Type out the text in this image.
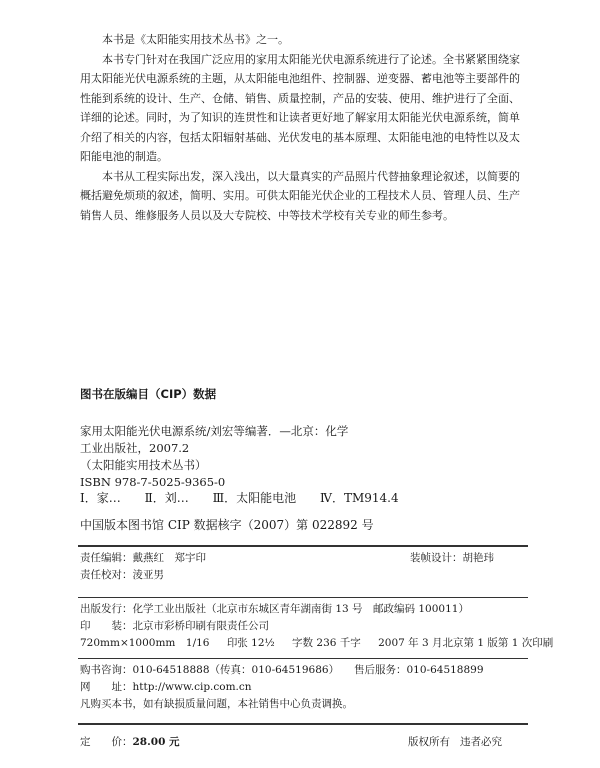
本书是《太阳能实用技术丛书》之一。

本书专门针对在我国广泛应用的家用太阳能光伏电源系统进行了论述。全书紧紧围绕家用太阳能光伏电源系统的主题，从太阳能电池组件、控制器、逆变器、蓄电池等主要部件的性能到系统的设计、生产、仓储、销售、质量控制，产品的安装、使用、维护进行了全面、详细的论述。同时，为了知识的连贯性和让读者更好地了解家用太阳能光伏电源系统，简单介绍了相关的内容，包括太阳辐射基础、光伏发电的基本原理、太阳能电池的电特性以及太阳能电池的制造。

本书从工程实际出发，深入浅出，以大量真实的产品照片代替抽象理论叙述，以简要的概括避免烦琐的叙述，简明、实用。可供太阳能光伏企业的工程技术人员、管理人员、生产销售人员、维修服务人员以及大专院校、中等技术学校有关专业的师生参考。

图书在版编目（CIP）数据
家用太阳能光伏电源系统/刘宏等编著．—北京：化学
工业出版社，2007.2
（太阳能实用技术丛书）
ISBN 978-7-5025-9365-0
Ⅰ．家… Ⅱ．刘… Ⅲ．太阳能电池 Ⅳ．TM914.4
中国版本图书馆 CIP 数据核字（2007）第 022892 号
责任编辑：戴燕红　郑宇印	装帧设计：胡艳玮
责任校对：淩亚男
出版发行：化学工业出版社（北京市东城区青年湖南街 13 号　邮政编码 100011）
印　　装：北京市彩桥印刷有限责任公司
720mm×1000mm　1/16 印张 12½ 字数 236 千字 2007 年 3 月北京第 1 版第 1 次印刷
购书咨询：010-64518888（传真：010-64519686） 售后服务：010-64518899
网　　址：http://www.cip.com.cn
凡购买本书，如有缺损质量问题，本社销售中心负责调换。
定　　价：28.00 元	版权所有 违者必究
